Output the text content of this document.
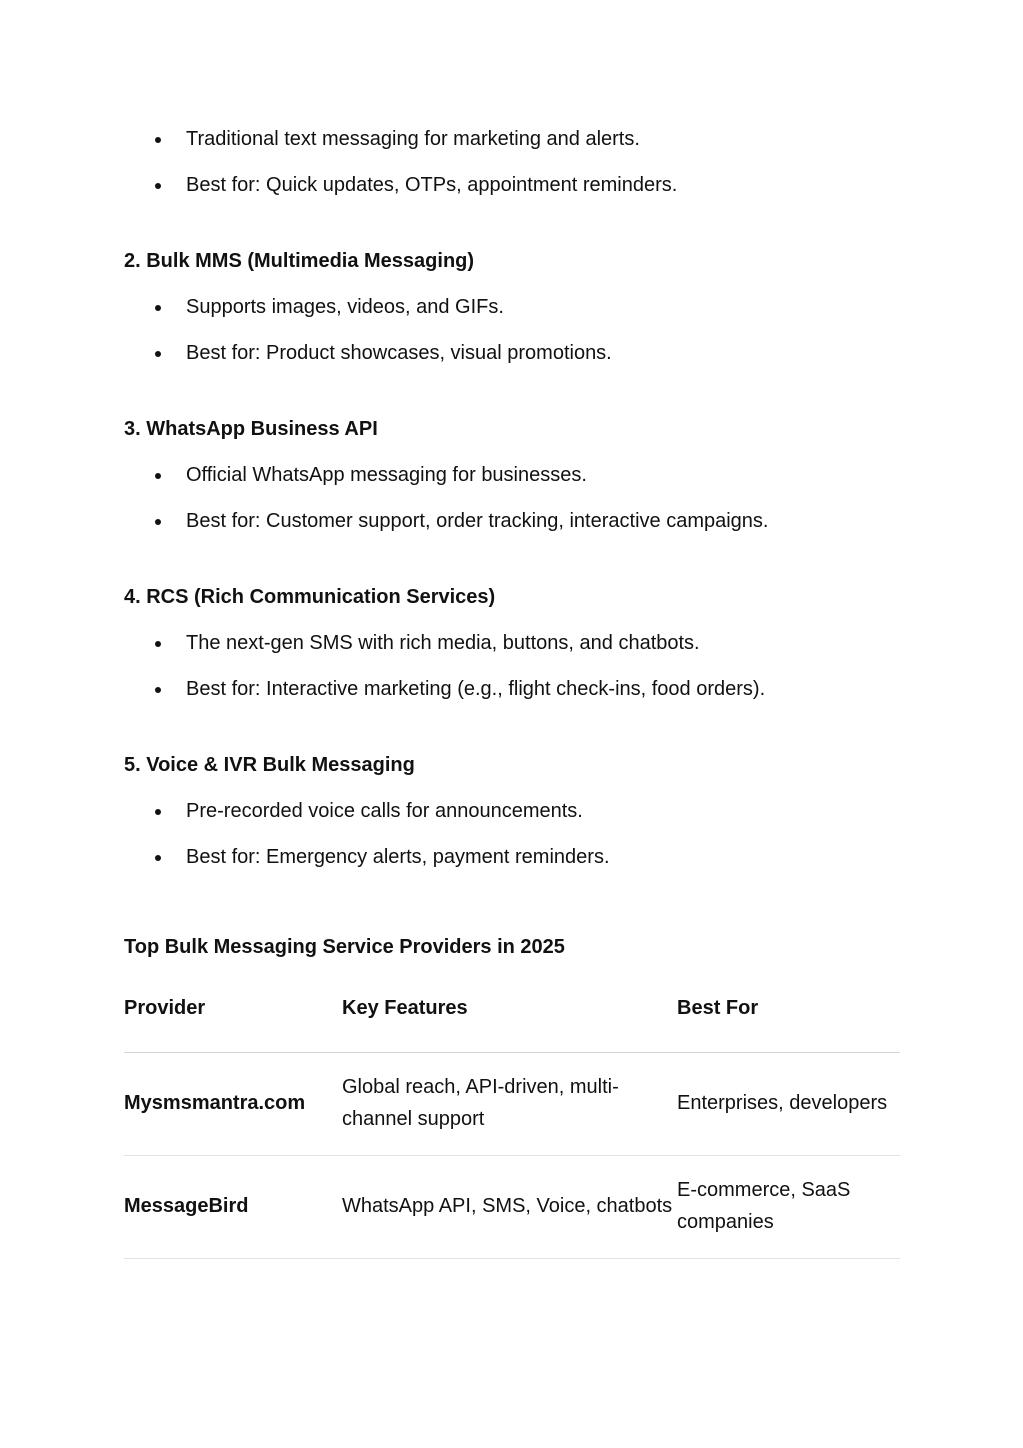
Traditional text messaging for marketing and alerts.
Best for: Quick updates, OTPs, appointment reminders.
2. Bulk MMS (Multimedia Messaging)
Supports images, videos, and GIFs.
Best for: Product showcases, visual promotions.
3. WhatsApp Business API
Official WhatsApp messaging for businesses.
Best for: Customer support, order tracking, interactive campaigns.
4. RCS (Rich Communication Services)
The next-gen SMS with rich media, buttons, and chatbots.
Best for: Interactive marketing (e.g., flight check-ins, food orders).
5. Voice & IVR Bulk Messaging
Pre-recorded voice calls for announcements.
Best for: Emergency alerts, payment reminders.
Top Bulk Messaging Service Providers in 2025
Provider	Key Features	Best For
Mysmsmantra.com	Global reach, API-driven, multi-channel support	Enterprises, developers
MessageBird	WhatsApp API, SMS, Voice, chatbots	E-commerce, SaaS companies
